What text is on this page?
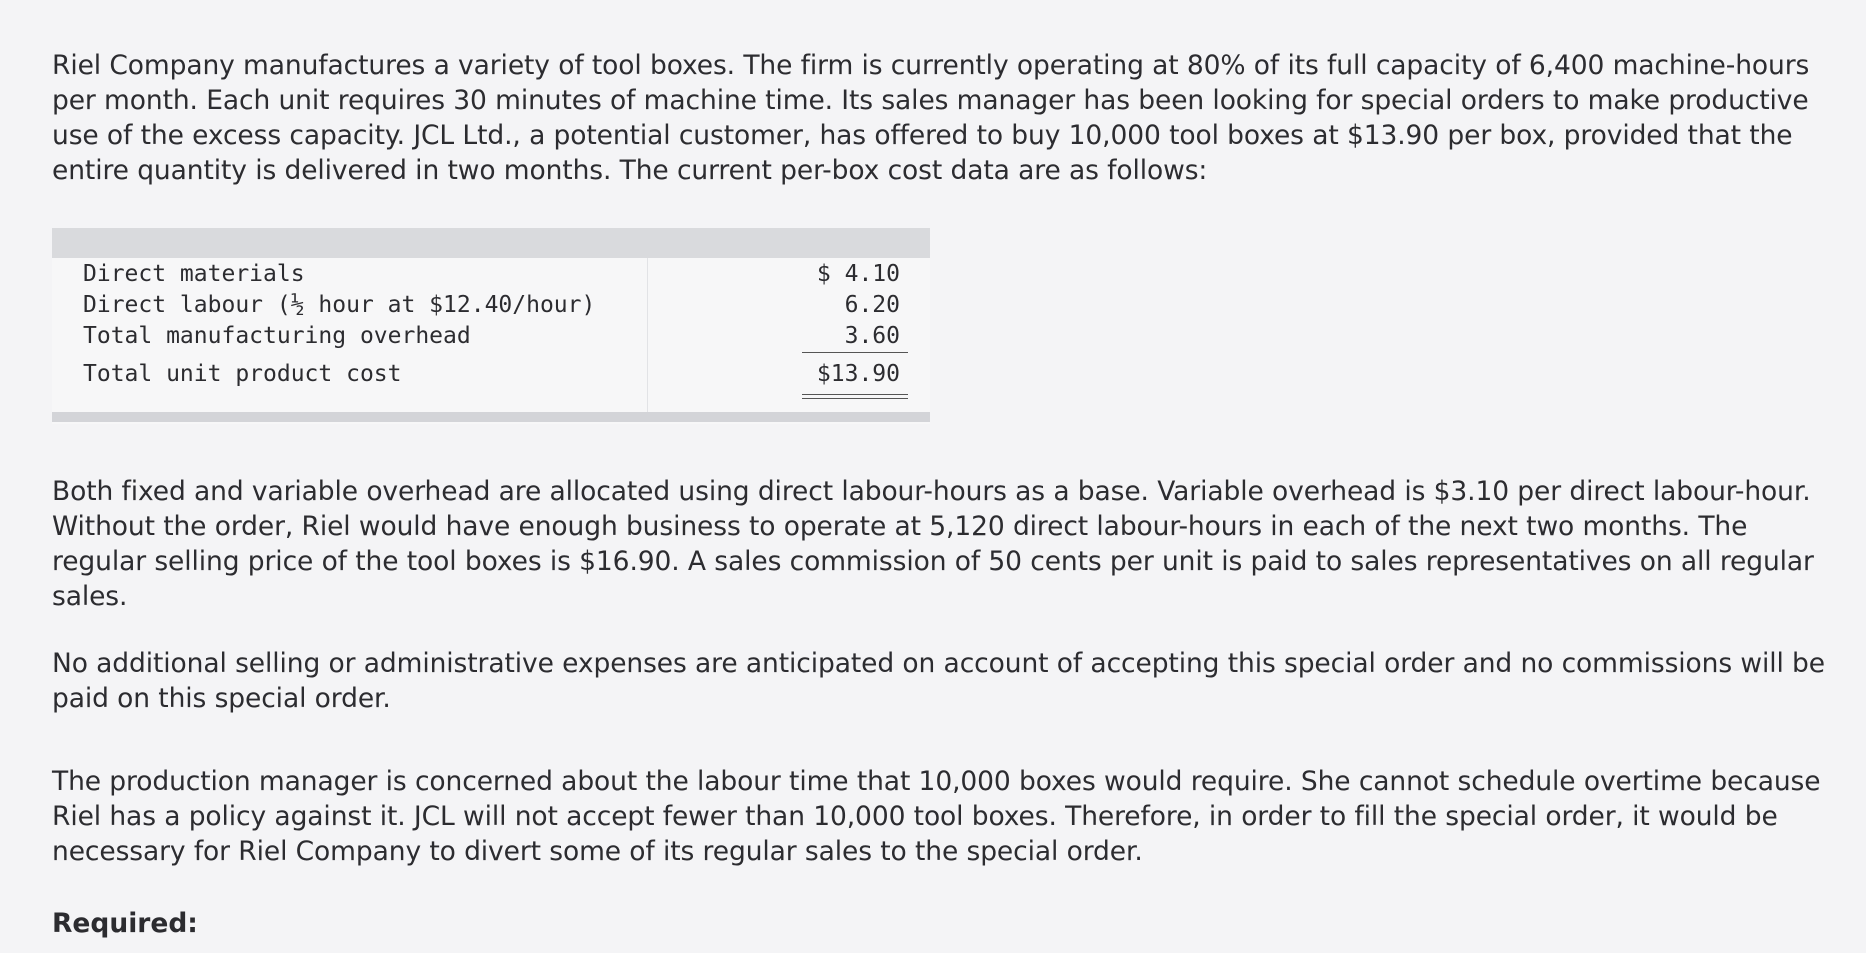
Riel Company manufactures a variety of tool boxes. The firm is currently operating at 80% of its full capacity of 6,400 machine-hours per month. Each unit requires 30 minutes of machine time. Its sales manager has been looking for special orders to make productive use of the excess capacity. JCL Ltd., a potential customer, has offered to buy 10,000 tool boxes at $13.90 per box, provided that the entire quantity is delivered in two months. The current per-box cost data are as follows:

Direct materials	$ 4.10
Direct labour (½ hour at $12.40/hour)	6.20
Total manufacturing overhead	3.60
Total unit product cost	$13.90

Both fixed and variable overhead are allocated using direct labour-hours as a base. Variable overhead is $3.10 per direct labour-hour. Without the order, Riel would have enough business to operate at 5,120 direct labour-hours in each of the next two months. The regular selling price of the tool boxes is $16.90. A sales commission of 50 cents per unit is paid to sales representatives on all regular sales.

No additional selling or administrative expenses are anticipated on account of accepting this special order and no commissions will be paid on this special order.

The production manager is concerned about the labour time that 10,000 boxes would require. She cannot schedule overtime because Riel has a policy against it. JCL will not accept fewer than 10,000 tool boxes. Therefore, in order to fill the special order, it would be necessary for Riel Company to divert some of its regular sales to the special order.

Required:
